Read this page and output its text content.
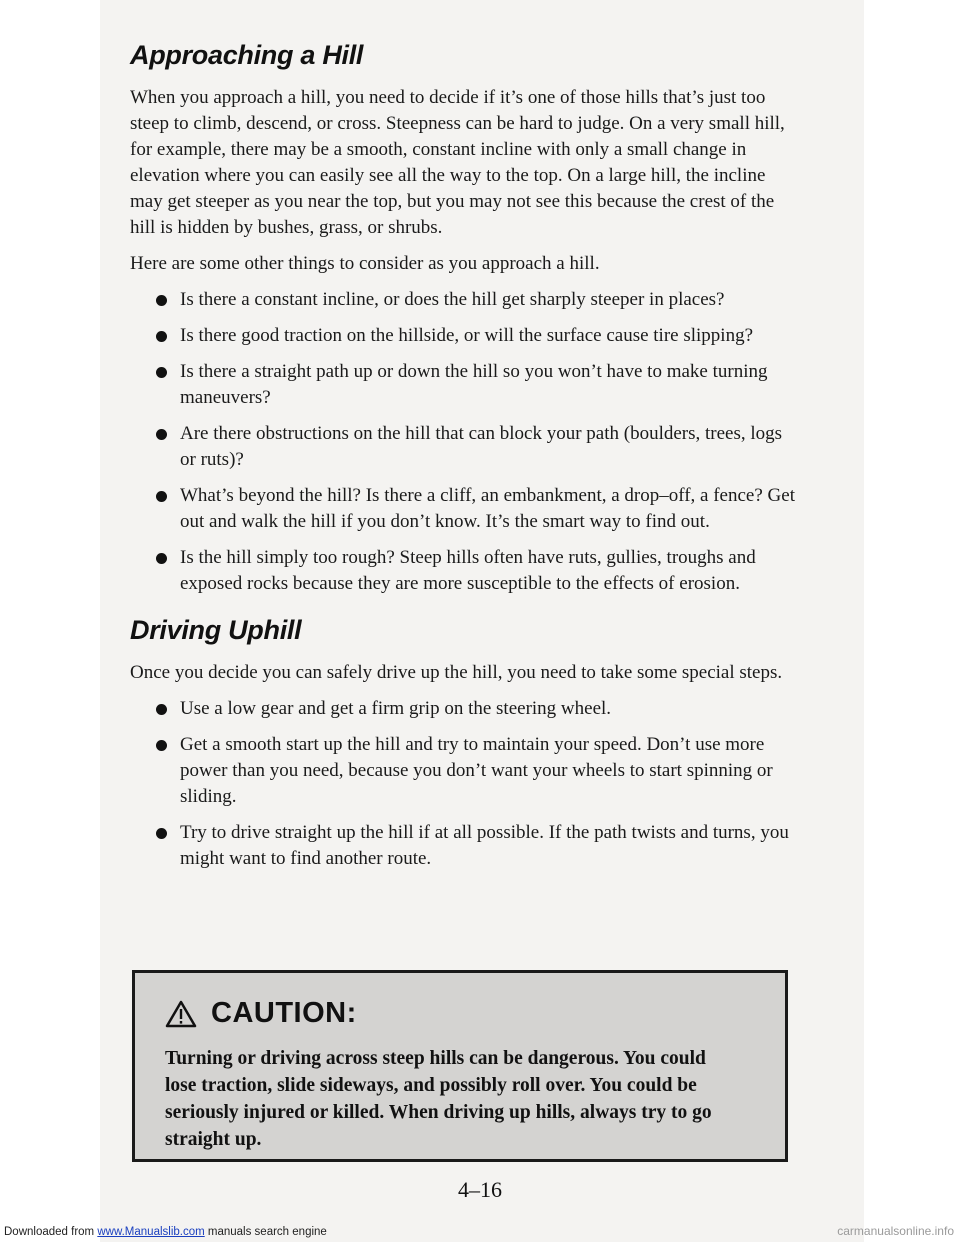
Approaching a Hill

When you approach a hill, you need to decide if it’s one of those hills that’s just too steep to climb, descend, or cross. Steepness can be hard to judge. On a very small hill, for example, there may be a smooth, constant incline with only a small change in elevation where you can easily see all the way to the top. On a large hill, the incline may get steeper as you near the top, but you may not see this because the crest of the hill is hidden by bushes, grass, or shrubs.

Here are some other things to consider as you approach a hill.

Is there a constant incline, or does the hill get sharply steeper in places?
Is there good traction on the hillside, or will the surface cause tire slipping?
Is there a straight path up or down the hill so you won’t have to make turning maneuvers?
Are there obstructions on the hill that can block your path (boulders, trees, logs or ruts)?
What’s beyond the hill? Is there a cliff, an embankment, a drop–off, a fence? Get out and walk the hill if you don’t know. It’s the smart way to find out.
Is the hill simply too rough? Steep hills often have ruts, gullies, troughs and exposed rocks because they are more susceptible to the effects of erosion.
Driving Uphill

Once you decide you can safely drive up the hill, you need to take some special steps.

Use a low gear and get a firm grip on the steering wheel.
Get a smooth start up the hill and try to maintain your speed. Don’t use more power than you need, because you don’t want your wheels to start spinning or sliding.
Try to drive straight up the hill if at all possible. If the path twists and turns, you might want to find another route.
CAUTION:
Turning or driving across steep hills can be dangerous. You could lose traction, slide sideways, and possibly roll over. You could be seriously injured or killed. When driving up hills, always try to go straight up.
4–16
Downloaded from www.Manualslib.com manuals search engine	carmanualsonline.info
